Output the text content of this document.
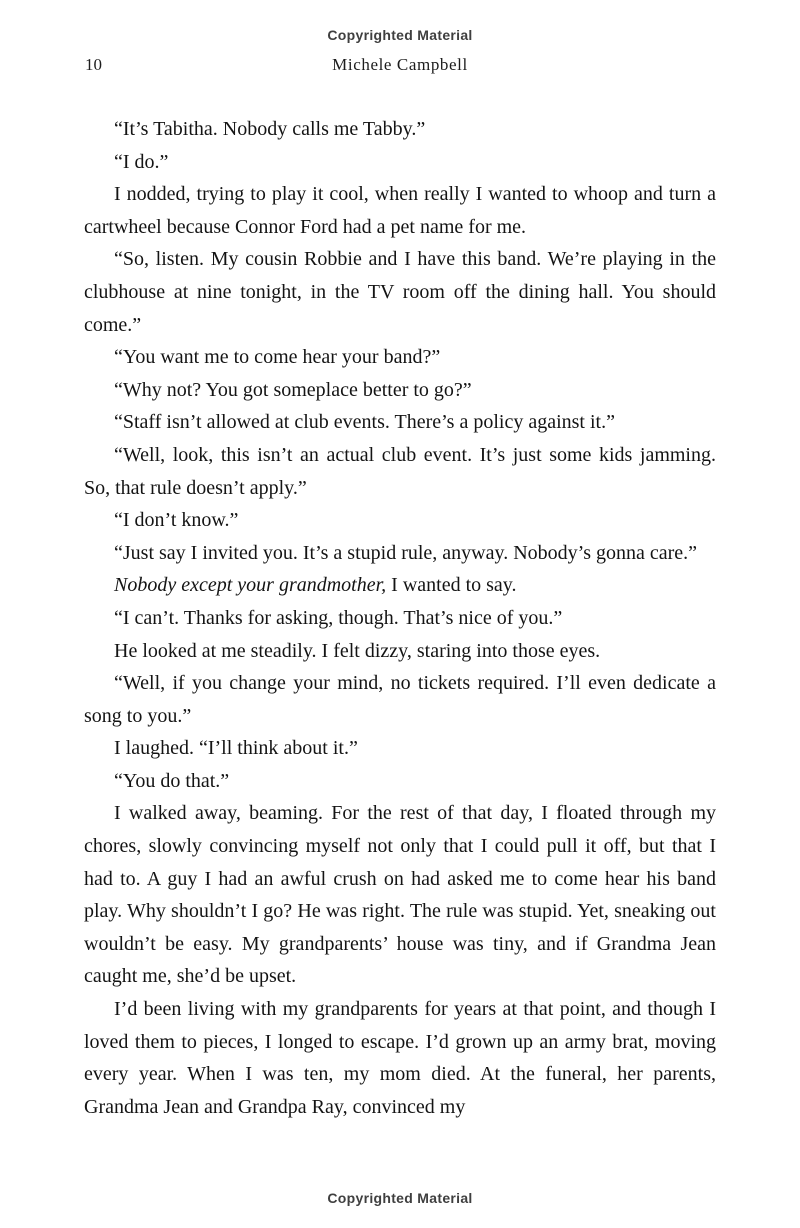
Copyrighted Material
10	Michele Campbell

“It’s Tabitha. Nobody calls me Tabby.”

“I do.”

I nodded, trying to play it cool, when really I wanted to whoop and turn a cartwheel because Connor Ford had a pet name for me.

“So, listen. My cousin Robbie and I have this band. We’re playing in the clubhouse at nine tonight, in the TV room off the dining hall. You should come.”

“You want me to come hear your band?”

“Why not? You got someplace better to go?”

“Staff isn’t allowed at club events. There’s a policy against it.”

“Well, look, this isn’t an actual club event. It’s just some kids jamming. So, that rule doesn’t apply.”

“I don’t know.”

“Just say I invited you. It’s a stupid rule, anyway. Nobody’s gonna care.”

Nobody except your grandmother, I wanted to say.

“I can’t. Thanks for asking, though. That’s nice of you.”

He looked at me steadily. I felt dizzy, staring into those eyes.

“Well, if you change your mind, no tickets required. I’ll even dedicate a song to you.”

I laughed. “I’ll think about it.”

“You do that.”

I walked away, beaming. For the rest of that day, I floated through my chores, slowly convincing myself not only that I could pull it off, but that I had to. A guy I had an awful crush on had asked me to come hear his band play. Why shouldn’t I go? He was right. The rule was stupid. Yet, sneaking out wouldn’t be easy. My grandparents’ house was tiny, and if Grandma Jean caught me, she’d be upset.

I’d been living with my grandparents for years at that point, and though I loved them to pieces, I longed to escape. I’d grown up an army brat, moving every year. When I was ten, my mom died. At the funeral, her parents, Grandma Jean and Grandpa Ray, convinced my

Copyrighted Material
